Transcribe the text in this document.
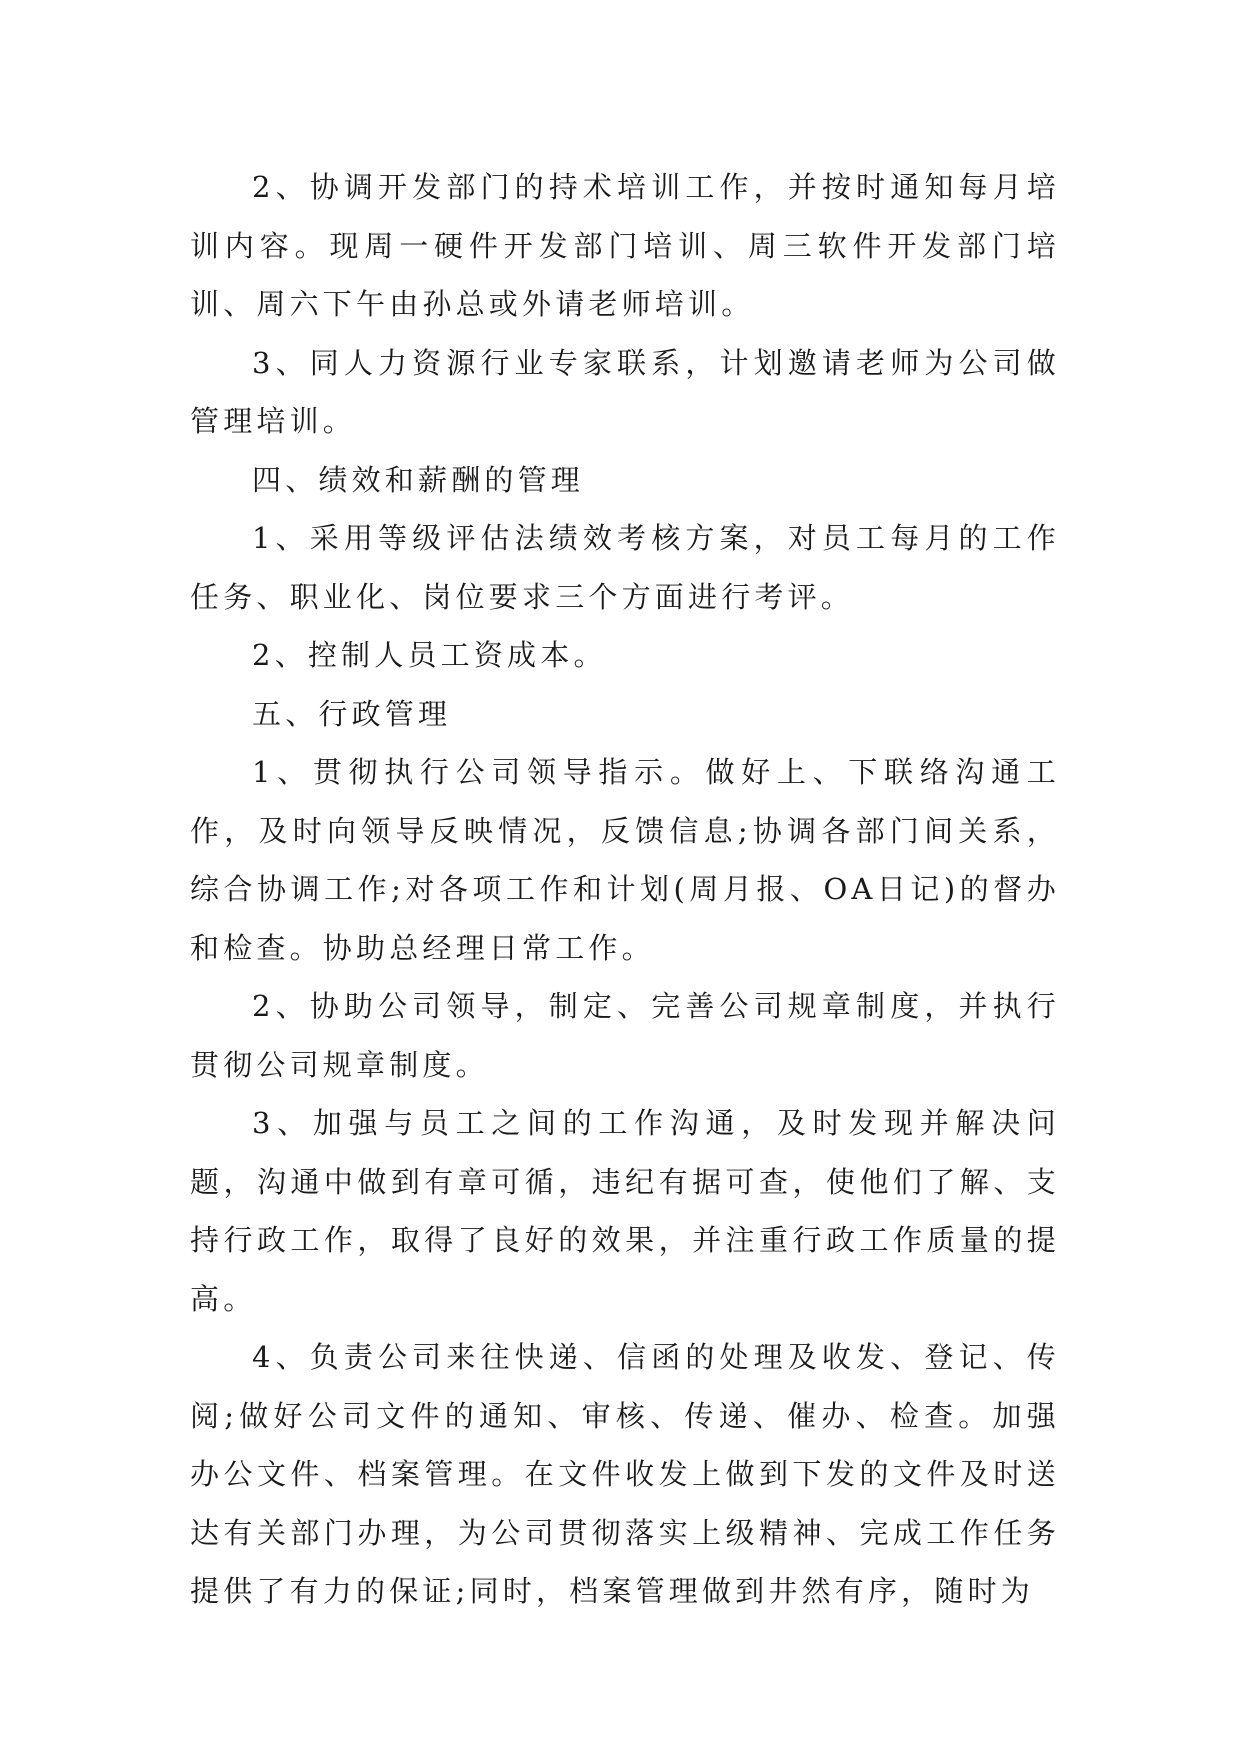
2、协调开发部门的持术培训工作，并按时通知每月培训内容。现周一硬件开发部门培训、周三软件开发部门培训、周六下午由孙总或外请老师培训。

3、同人力资源行业专家联系，计划邀请老师为公司做管理培训。

四、绩效和薪酬的管理

1、采用等级评估法绩效考核方案，对员工每月的工作任务、职业化、岗位要求三个方面进行考评。

2、控制人员工资成本。

五、行政管理

1、贯彻执行公司领导指示。做好上、下联络沟通工作，及时向领导反映情况，反馈信息;协调各部门间关系，综合协调工作;对各项工作和计划(周月报、OA日记)的督办和检查。协助总经理日常工作。

2、协助公司领导，制定、完善公司规章制度，并执行贯彻公司规章制度。

3、加强与员工之间的工作沟通，及时发现并解决问题，沟通中做到有章可循，违纪有据可查，使他们了解、支持行政工作，取得了良好的效果，并注重行政工作质量的提高。

4、负责公司来往快递、信函的处理及收发、登记、传阅;做好公司文件的通知、审核、传递、催办、检查。加强办公文件、档案管理。在文件收发上做到下发的文件及时送达有关部门办理，为公司贯彻落实上级精神、完成工作任务提供了有力的保证;同时，档案管理做到井然有序，随时为
